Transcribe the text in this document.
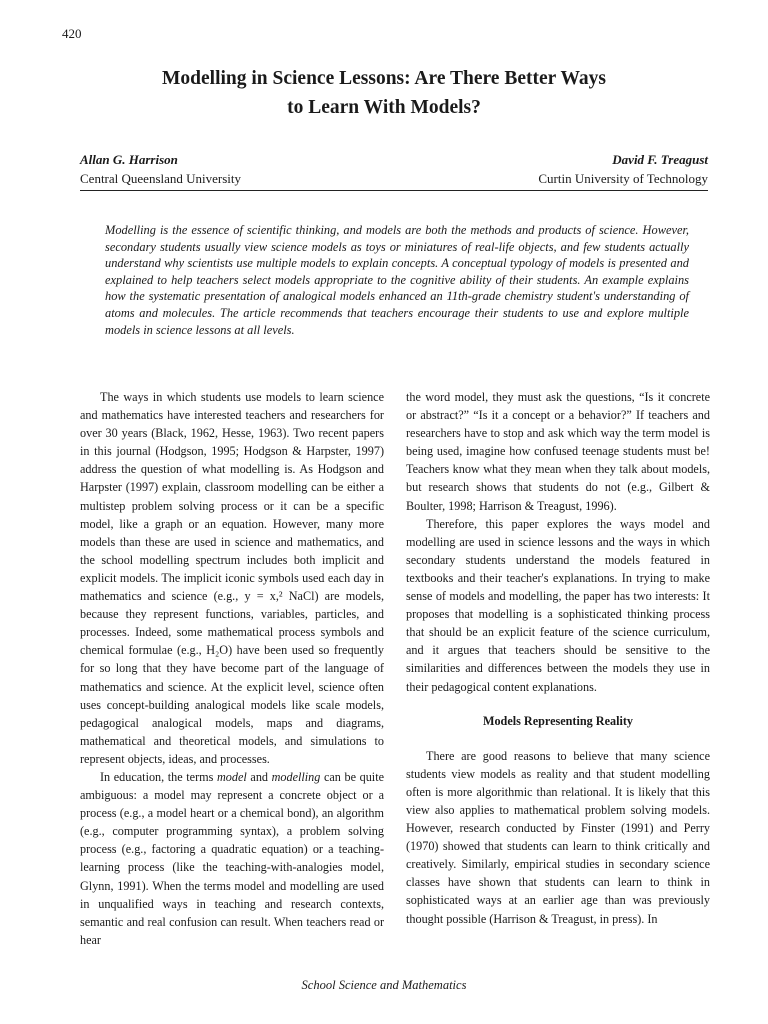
420
Modelling in Science Lessons: Are There Better Ways
to Learn With Models?
Allan G. Harrison
Central Queensland University
David F. Treagust
Curtin University of Technology
Modelling is the essence of scientific thinking, and models are both the methods and products of science. However, secondary students usually view science models as toys or miniatures of real-life objects, and few students actually understand why scientists use multiple models to explain concepts. A conceptual typology of models is presented and explained to help teachers select models appropriate to the cognitive ability of their students. An example explains how the systematic presentation of analogical models enhanced an 11th-grade chemistry student's understanding of atoms and molecules. The article recommends that teachers encourage their students to use and explore multiple models in science lessons at all levels.

The ways in which students use models to learn science and mathematics have interested teachers and researchers for over 30 years (Black, 1962, Hesse, 1963). Two recent papers in this journal (Hodgson, 1995; Hodgson & Harpster, 1997) address the question of what modelling is. As Hodgson and Harpster (1997) explain, classroom modelling can be either a multistep problem solving process or it can be a specific model, like a graph or an equation. However, many more models than these are used in science and mathematics, and the school modelling spectrum includes both implicit and explicit models. The implicit iconic symbols used each day in mathematics and science (e.g., y = x,² NaCl) are models, because they represent functions, variables, particles, and processes. Indeed, some mathematical process symbols and chemical formulae (e.g., H₂O) have been used so frequently for so long that they have become part of the language of mathematics and science. At the explicit level, science often uses concept-building analogical models like scale models, pedagogical analogical models, maps and diagrams, mathematical and theoretical models, and simulations to represent objects, ideas, and processes.

In education, the terms model and modelling can be quite ambiguous: a model may represent a concrete object or a process (e.g., a model heart or a chemical bond), an algorithm (e.g., computer programming syntax), a problem solving process (e.g., factoring a quadratic equation) or a teaching-learning process (like the teaching-with-analogies model, Glynn, 1991). When the terms model and modelling are used in unqualified ways in teaching and research contexts, semantic and real confusion can result. When teachers read or hear

the word model, they must ask the questions, “Is it concrete or abstract?” “Is it a concept or a behavior?” If teachers and researchers have to stop and ask which way the term model is being used, imagine how confused teenage students must be! Teachers know what they mean when they talk about models, but research shows that students do not (e.g., Gilbert & Boulter, 1998; Harrison & Treagust, 1996).

Therefore, this paper explores the ways model and modelling are used in science lessons and the ways in which secondary students understand the models featured in textbooks and their teacher's explanations. In trying to make sense of models and modelling, the paper has two interests: It proposes that modelling is a sophisticated thinking process that should be an explicit feature of the science curriculum, and it argues that teachers should be sensitive to the similarities and differences between the models they use in their pedagogical content explanations.

Models Representing Reality

There are good reasons to believe that many science students view models as reality and that student modelling often is more algorithmic than relational. It is likely that this view also applies to mathematical problem solving models. However, research conducted by Finster (1991) and Perry (1970) showed that students can learn to think critically and creatively. Similarly, empirical studies in secondary science classes have shown that students can learn to think in sophisticated ways at an earlier age than was previously thought possible (Harrison & Treagust, in press). In

School Science and Mathematics
